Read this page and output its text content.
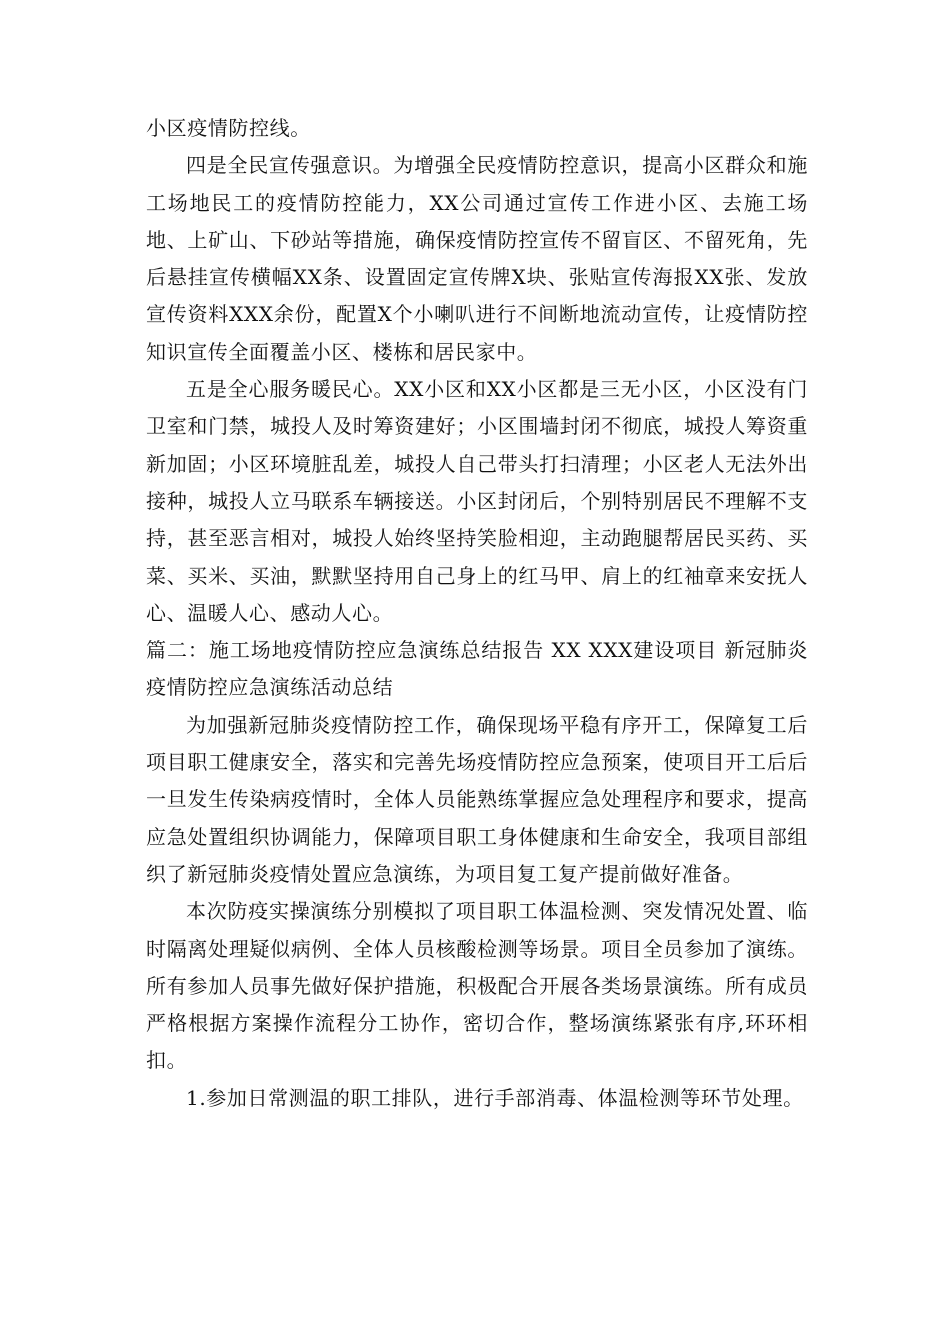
小区疫情防控线。

四是全民宣传强意识。为增强全民疫情防控意识，提高小区群众和施工场地民工的疫情防控能力，XX公司通过宣传工作进小区、去施工场地、上矿山、下砂站等措施，确保疫情防控宣传不留盲区、不留死角，先后悬挂宣传横幅XX条、设置固定宣传牌X块、张贴宣传海报XX张、发放宣传资料XXX余份，配置X个小喇叭进行不间断地流动宣传，让疫情防控知识宣传全面覆盖小区、楼栋和居民家中。

五是全心服务暖民心。XX小区和XX小区都是三无小区，小区没有门卫室和门禁，城投人及时筹资建好；小区围墙封闭不彻底，城投人筹资重新加固；小区环境脏乱差，城投人自己带头打扫清理；小区老人无法外出接种，城投人立马联系车辆接送。小区封闭后，个别特别居民不理解不支持，甚至恶言相对，城投人始终坚持笑脸相迎，主动跑腿帮居民买药、买菜、买米、买油，默默坚持用自己身上的红马甲、肩上的红袖章来安抚人心、温暖人心、感动人心。

篇二：施工场地疫情防控应急演练总结报告 XX XXX建设项目 新冠肺炎疫情防控应急演练活动总结

为加强新冠肺炎疫情防控工作，确保现场平稳有序开工，保障复工后项目职工健康安全，落实和完善先场疫情防控应急预案，使项目开工后后一旦发生传染病疫情时，全体人员能熟练掌握应急处理程序和要求，提高应急处置组织协调能力，保障项目职工身体健康和生命安全，我项目部组织了新冠肺炎疫情处置应急演练，为项目复工复产提前做好准备。

本次防疫实操演练分别模拟了项目职工体温检测、突发情况处置、临时隔离处理疑似病例、全体人员核酸检测等场景。项目全员参加了演练。所有参加人员事先做好保护措施，积极配合开展各类场景演练。所有成员严格根据方案操作流程分工协作，密切合作，整场演练紧张有序,环环相扣。

1.参加日常测温的职工排队，进行手部消毒、体温检测等环节处理。
